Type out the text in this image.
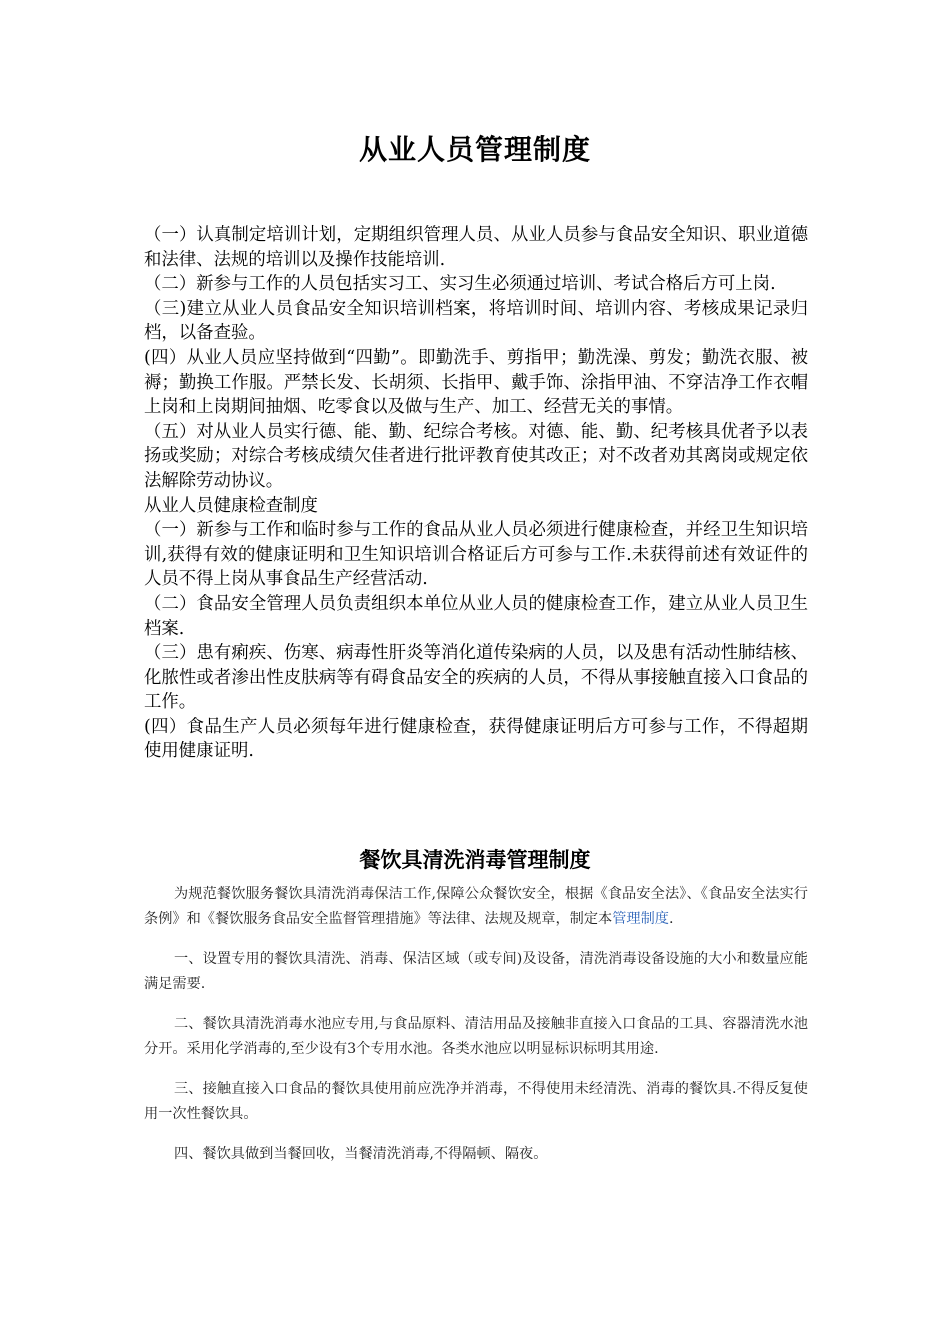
从业人员管理制度

（一）认真制定培训计划，定期组织管理人员、从业人员参与食品安全知识、职业道德和法律、法规的培训以及操作技能培训.

（二）新参与工作的人员包括实习工、实习生必须通过培训、考试合格后方可上岗.

（三)建立从业人员食品安全知识培训档案，将培训时间、培训内容、考核成果记录归档，以备查验。

(四）从业人员应坚持做到“四勤”。即勤洗手、剪指甲；勤洗澡、剪发；勤洗衣服、被褥；勤换工作服。严禁长发、长胡须、长指甲、戴手饰、涂指甲油、不穿洁净工作衣帽上岗和上岗期间抽烟、吃零食以及做与生产、加工、经营无关的事情。

（五）对从业人员实行德、能、勤、纪综合考核。对德、能、勤、纪考核具优者予以表扬或奖励；对综合考核成绩欠佳者进行批评教育使其改正；对不改者劝其离岗或规定依法解除劳动协议。

从业人员健康检查制度

（一）新参与工作和临时参与工作的食品从业人员必须进行健康检查，并经卫生知识培训,获得有效的健康证明和卫生知识培训合格证后方可参与工作.未获得前述有效证件的人员不得上岗从事食品生产经营活动.

（二）食品安全管理人员负责组织本单位从业人员的健康检查工作，建立从业人员卫生档案.

（三）患有痢疾、伤寒、病毒性肝炎等消化道传染病的人员，以及患有活动性肺结核、化脓性或者渗出性皮肤病等有碍食品安全的疾病的人员，不得从事接触直接入口食品的工作。

(四）食品生产人员必须每年进行健康检查，获得健康证明后方可参与工作，不得超期使用健康证明.

餐饮具清洗消毒管理制度

为规范餐饮服务餐饮具清洗消毒保洁工作,保障公众餐饮安全，根据《食品安全法》、《食品安全法实行条例》和《餐饮服务食品安全监督管理措施》等法律、法规及规章，制定本管理制度.

一、设置专用的餐饮具清洗、消毒、保洁区域（或专间)及设备，清洗消毒设备设施的大小和数量应能满足需要.

二、餐饮具清洗消毒水池应专用,与食品原料、清洁用品及接触非直接入口食品的工具、容器清洗水池分开。采用化学消毒的,至少设有3个专用水池。各类水池应以明显标识标明其用途.

三、接触直接入口食品的餐饮具使用前应洗净并消毒，不得使用未经清洗、消毒的餐饮具.不得反复使用一次性餐饮具。

四、餐饮具做到当餐回收，当餐清洗消毒,不得隔顿、隔夜。
